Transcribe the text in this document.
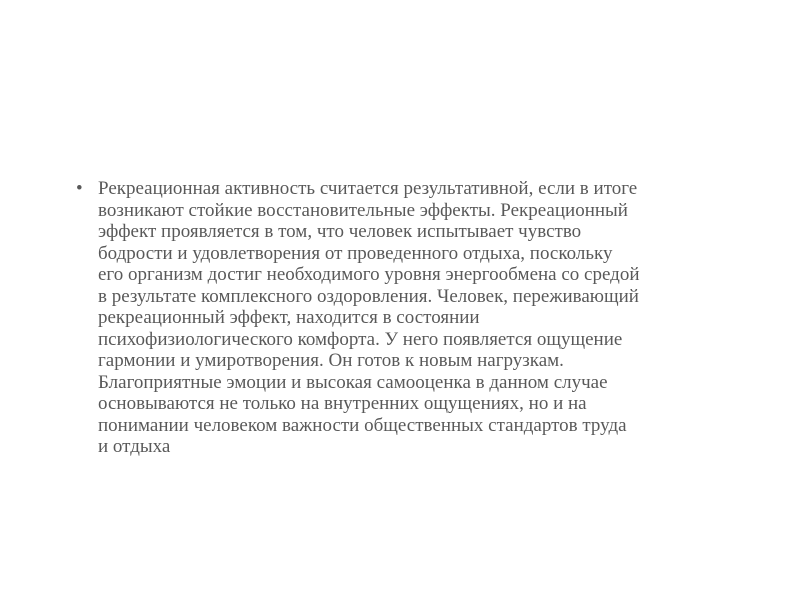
• Рекреационная активность считается результативной, если в итоге
возникают стойкие восстановительные эффекты. Рекреационный
эффект проявляется в том, что человек испытывает чувство
бодрости и удовлетворения от проведенного отдыха, поскольку
его организм достиг необходимого уровня энергообмена со средой
в результате комплексного оздоровления. Человек, переживающий
рекреационный эффект, находится в состоянии
психофизиологического комфорта. У него появляется ощущение
гармонии и умиротворения. Он готов к новым нагрузкам.
Благоприятные эмоции и высокая самооценка в данном случае
основываются не только на внутренних ощущениях, но и на
понимании человеком важности общественных стандартов труда
и отдыха
